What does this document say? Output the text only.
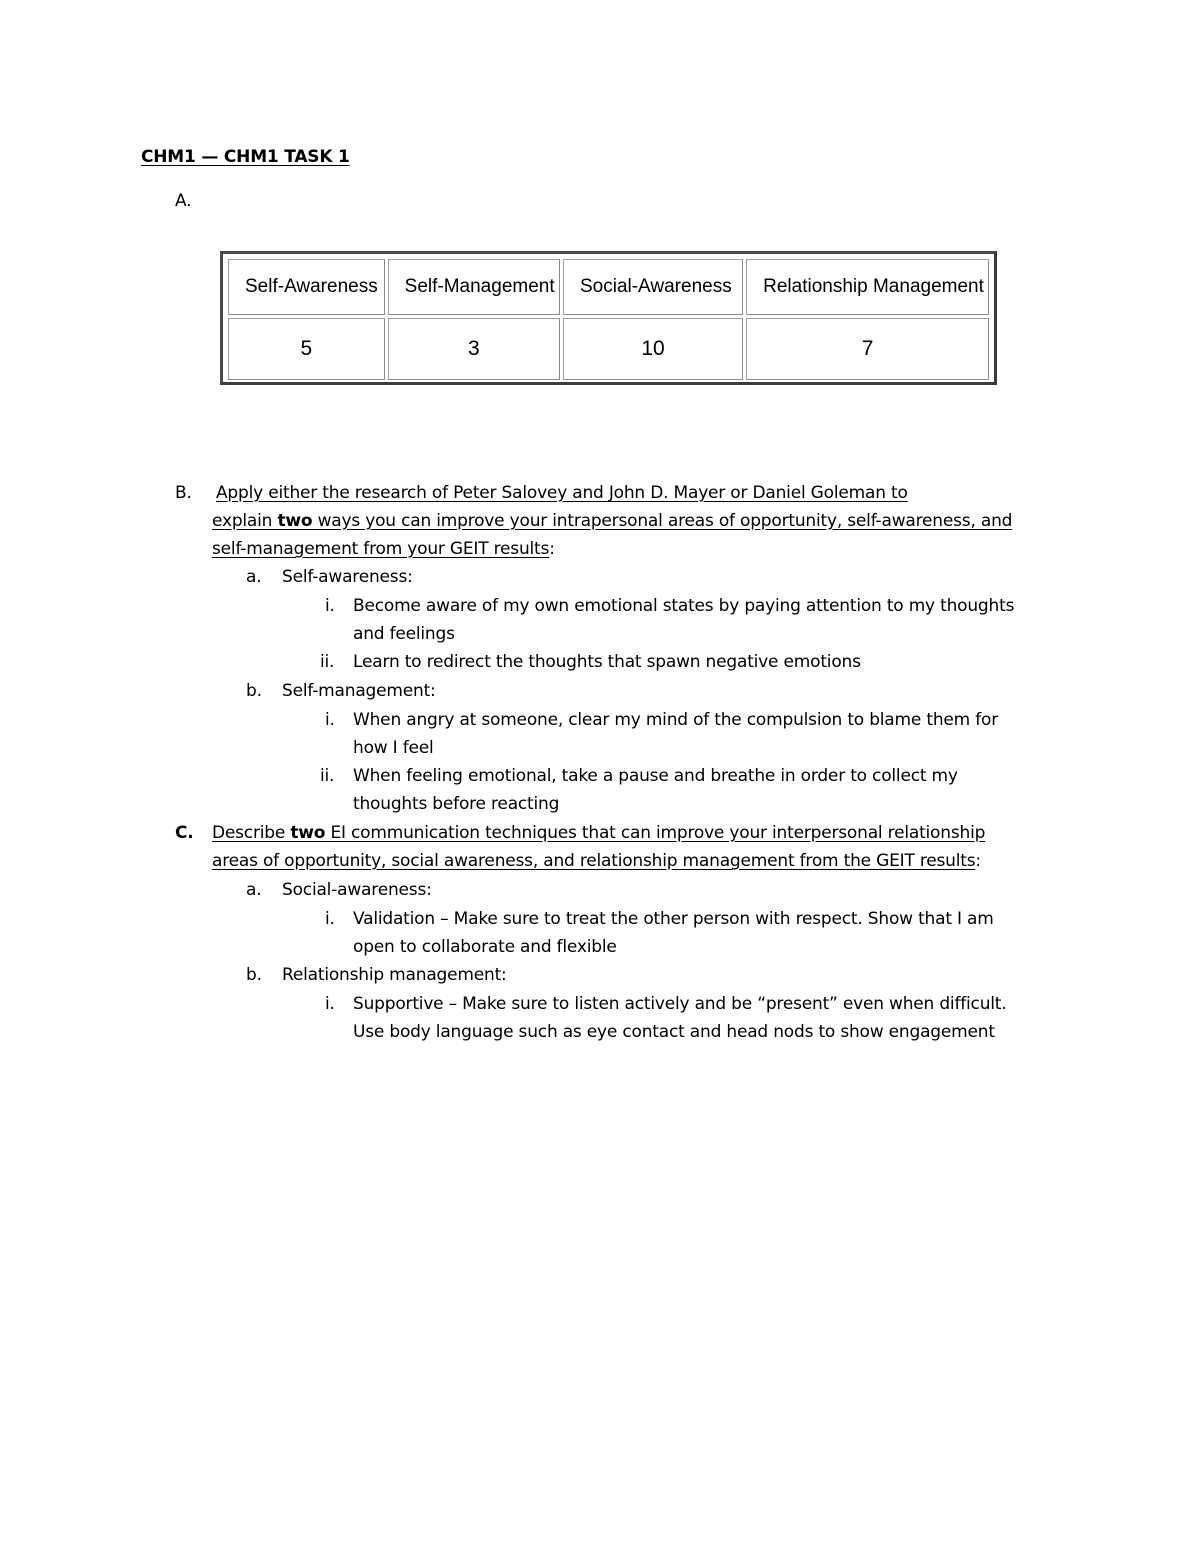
CHM1 — CHM1 TASK 1
A.
Self-Awareness	Self-Management	Social-Awareness	Relationship Management
5	3	10	7
B. Apply either the research of Peter Salovey and John D. Mayer or Daniel Goleman to
explain two ways you can improve your intrapersonal areas of opportunity, self-awareness, and
self-management from your GEIT results:
a. Self-awareness:
i. Become aware of my own emotional states by paying attention to my thoughts
and feelings
ii. Learn to redirect the thoughts that spawn negative emotions
b. Self-management:
i. When angry at someone, clear my mind of the compulsion to blame them for
how I feel
ii. When feeling emotional, take a pause and breathe in order to collect my
thoughts before reacting
C. Describe two EI communication techniques that can improve your interpersonal relationship
areas of opportunity, social awareness, and relationship management from the GEIT results:
a. Social-awareness:
i. Validation – Make sure to treat the other person with respect. Show that I am
open to collaborate and flexible
b. Relationship management:
i. Supportive – Make sure to listen actively and be “present” even when difficult.
Use body language such as eye contact and head nods to show engagement
